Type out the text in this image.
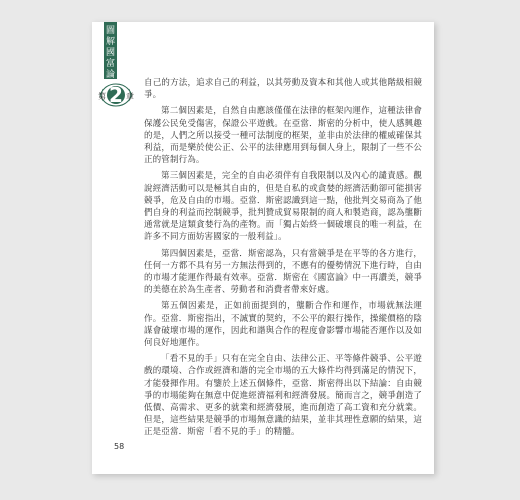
圖
解
國
富
論
第 2 章

自己的方法，追求自己的利益，以其勞動及資本和其他人或其他階級相競爭。

第二個因素是，自然自由應該僅僅在法律的框架內運作，這種法律會保護公民免受傷害，保證公平遊戲。在亞當．斯密的分析中，使人感興趣的是，人們之所以接受一種可法制度的框架，並非由於法律的權威確保其利益，而是樂於使公正、公平的法律應用到每個人身上，限制了一些不公正的管制行為。

第三個因素是，完全的自由必須伴有自我限制以及內心的譴責感。觀說經濟活動可以是極其自由的，但是自私的或貪婪的經濟活動卻可能損害競爭，危及自由的市場。亞當．斯密認識到這一點，他批判交易商為了他們自身的利益而控制競爭，批判贊成貿易限制的商人和製造商，認為壟斷通常就是這類貪婪行為的產物。而「獨占始終一個破壞良的唯一利益，在許多不同方面妨害國家的一般利益」。

第四個因素是，亞當．斯密認為，只有當競爭是在平等的各方進行，任何一方都不具有另一方無法得到的，不應有的優勢情況下進行時，自由的市場才能運作得最有效率。亞當．斯密在《國富論》中一再讚美，競爭的美德在於為生產者、勞動者和消費者帶來好處。

第五個因素是，正如前面提到的，壟斷合作和運作，市場就無法運作。亞當．斯密指出，不誠實的契約，不公平的銀行操作，操縱價格的陰謀會破壞市場的運作，因此和諧與合作的程度會影響市場能否運作以及如何良好地運作。

「看不見的手」只有在完全自由、法律公正、平等條件競爭、公平遊戲的環境、合作或經濟和諧的完全市場的五大條件均得到滿足的情況下，才能發揮作用。有鑒於上述五個條件，亞當．斯密得出以下結論：自由競爭的市場能夠在無意中促進經濟福利和經濟發展。簡而言之，競爭創造了低價、高需求、更多的就業和經濟發展，進而創造了高工資和充分就業。但是，這些結果是競爭的市場無意識的結果，並非其理性意願的結果，這正是亞當．斯密「看不見的手」的精髓。

58
